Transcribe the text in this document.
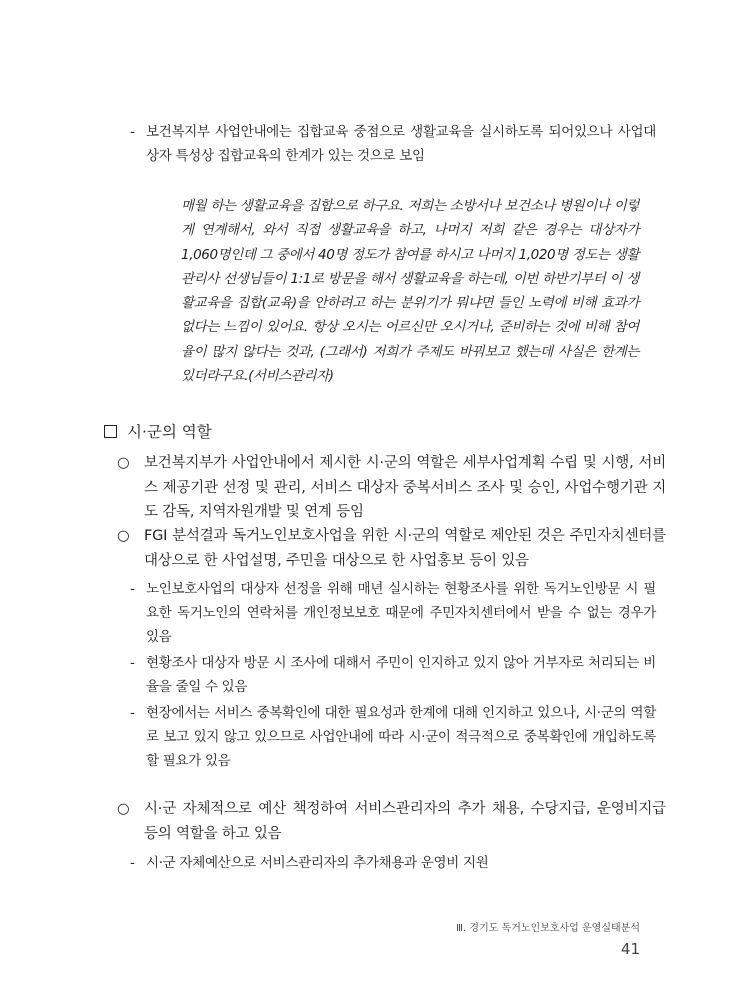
- 보건복지부 사업안내에는 집합교육 중점으로 생활교육을 실시하도록 되어있으나 사업대상자 특성상 집합교육의 한계가 있는 것으로 보임
매월 하는 생활교육을 집합으로 하구요. 저희는 소방서나 보건소나 병원이나 이렇게 연계해서, 와서 직접 생활교육을 하고, 나머지 저희 같은 경우는 대상자가 1,060명인데 그 중에서 40명 정도가 참여를 하시고 나머지 1,020명 정도는 생활관리사 선생님들이 1:1로 방문을 해서 생활교육을 하는데, 이번 하반기부터 이 생활교육을 집합(교육)을 안하려고 하는 분위기가 뭐냐면 들인 노력에 비해 효과가 없다는 느낌이 있어요. 항상 오시는 어르신만 오시거나, 준비하는 것에 비해 참여율이 많지 않다는 것과, (그래서) 저희가 주제도 바꿔보고 했는데 사실은 한계는 있더라구요.(서비스관리자)
시·군의 역할
○ 보건복지부가 사업안내에서 제시한 시·군의 역할은 세부사업계획 수립 및 시행, 서비스 제공기관 선정 및 관리, 서비스 대상자 중복서비스 조사 및 승인, 사업수행기관 지도 감독, 지역자원개발 및 연계 등임
○ FGI 분석결과 독거노인보호사업을 위한 시·군의 역할로 제안된 것은 주민자치센터를 대상으로 한 사업설명, 주민을 대상으로 한 사업홍보 등이 있음
- 노인보호사업의 대상자 선정을 위해 매년 실시하는 현황조사를 위한 독거노인방문 시 필요한 독거노인의 연락처를 개인정보보호 때문에 주민자치센터에서 받을 수 없는 경우가 있음
- 현황조사 대상자 방문 시 조사에 대해서 주민이 인지하고 있지 않아 거부자로 처리되는 비율을 줄일 수 있음
- 현장에서는 서비스 중복확인에 대한 필요성과 한계에 대해 인지하고 있으나, 시·군의 역할로 보고 있지 않고 있으므로 사업안내에 따라 시·군이 적극적으로 중복확인에 개입하도록 할 필요가 있음
○ 시·군 자체적으로 예산 책정하여 서비스관리자의 추가 채용, 수당지급, 운영비지급 등의 역할을 하고 있음
- 시·군 자체예산으로 서비스관리자의 추가채용과 운영비 지원
Ⅲ. 경기도 독거노인보호사업 운영실태분석41
